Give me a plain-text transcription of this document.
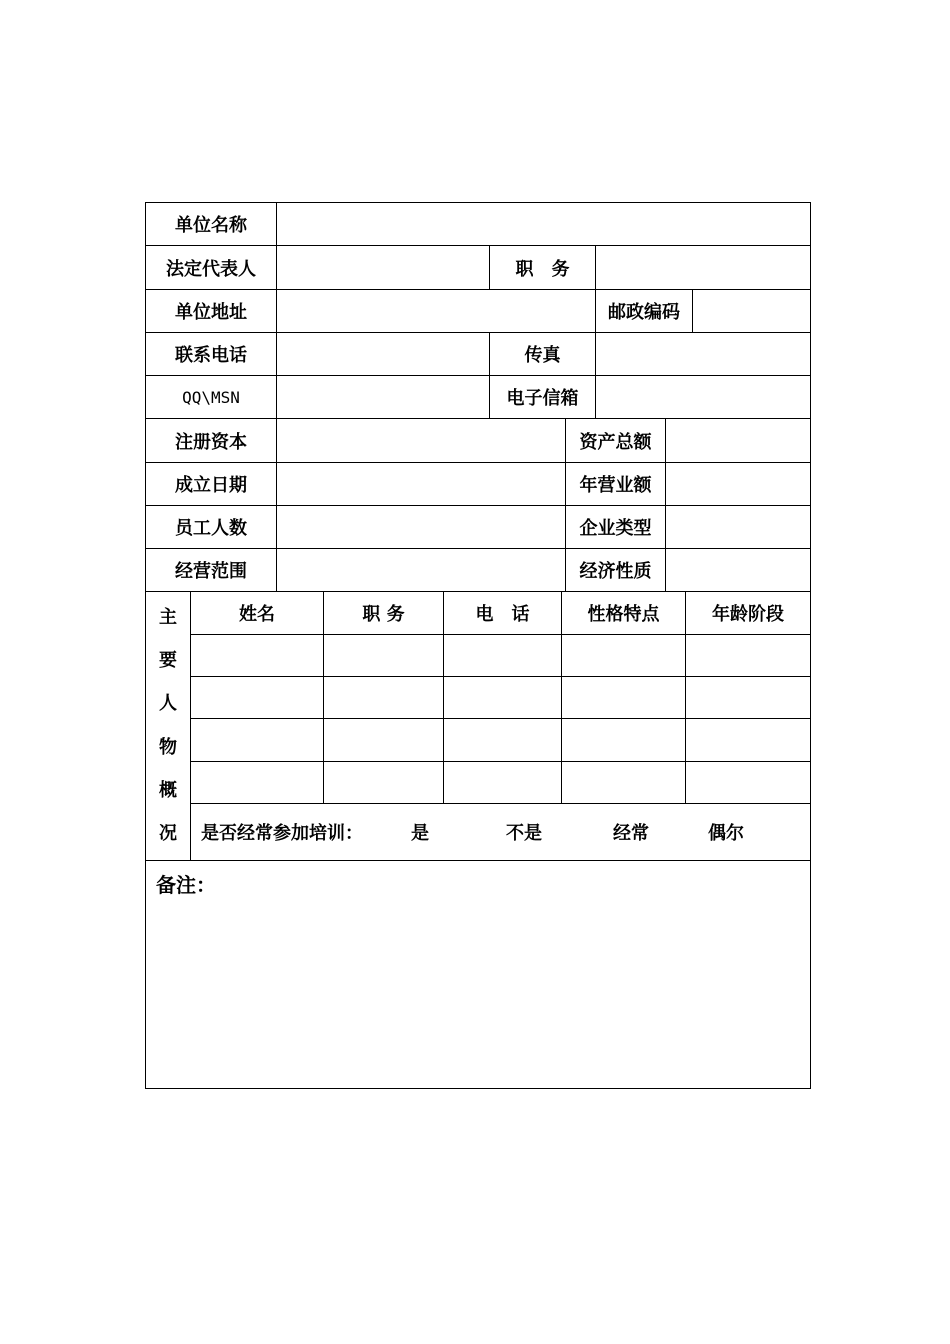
单位名称
法定代表人	职　务
单位地址	邮政编码
联系电话	传真
QQ\MSN	电子信箱
注册资本	资产总额
成立日期	年营业额
员工人数	企业类型
经营范围	经济性质
主
要
人
物
概
况
姓名	职 务	电　话	性格特点	年龄阶段
是否经常参加培训：	是	不是	经常	偶尔
备注：
